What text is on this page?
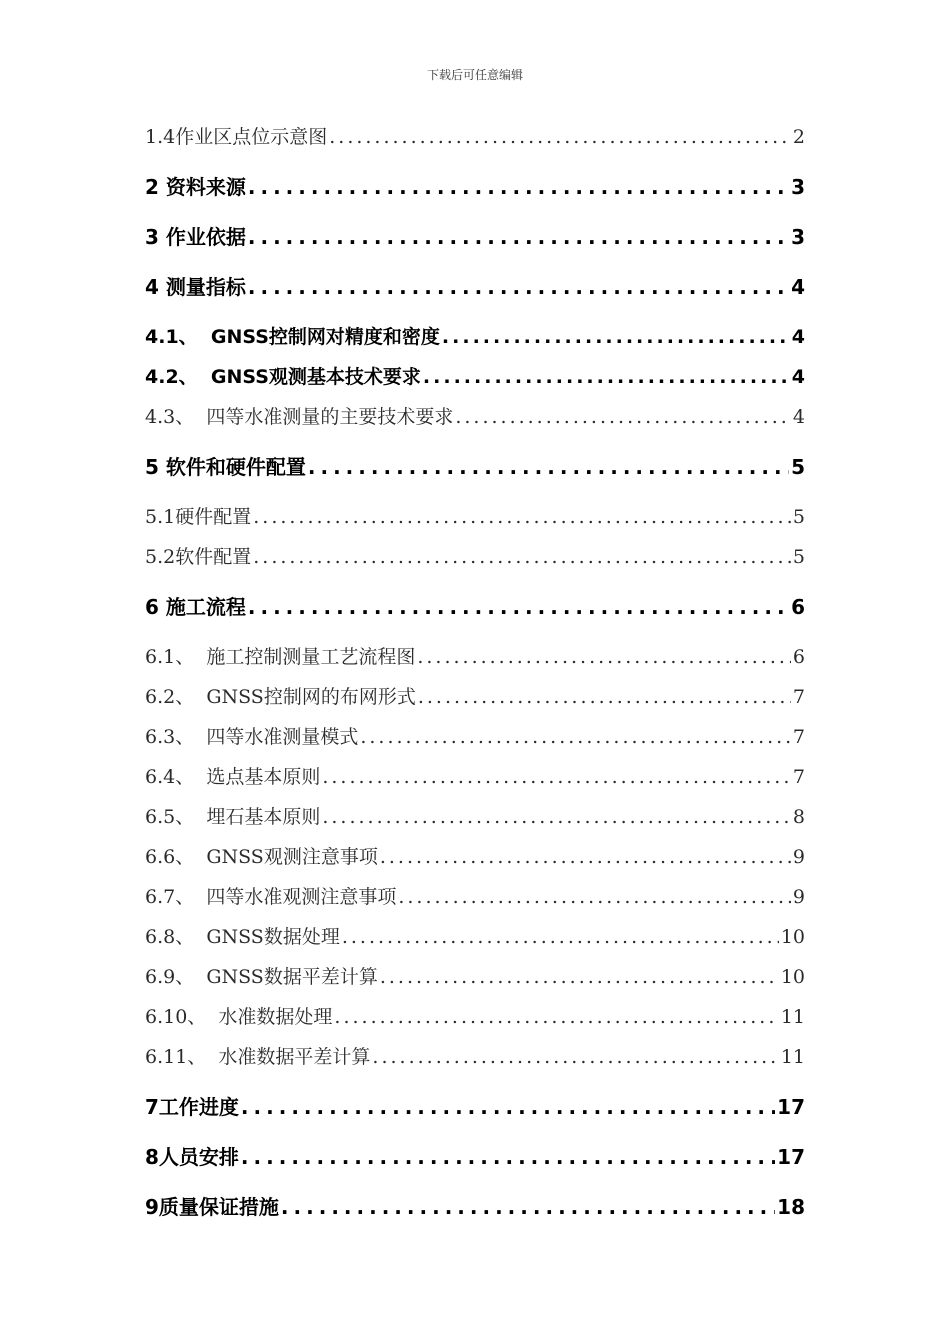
下载后可任意编辑
1.4作业区点位示意图 .....	2
2 资料来源 .....	3
3 作业依据 .....	3
4 测量指标 .....	4
4.1、 GNSS控制网对精度和密度 .....	4
4.2、 GNSS观测基本技术要求 .....	4
4.3、 四等水准测量的主要技术要求 .....	4
5 软件和硬件配置 .....	5
5.1硬件配置 .....	5
5.2软件配置 .....	5
6 施工流程 .....	6
6.1、 施工控制测量工艺流程图 .....	6
6.2、 GNSS控制网的布网形式 .....	7
6.3、 四等水准测量模式 .....	7
6.4、 选点基本原则 .....	7
6.5、 埋石基本原则 .....	8
6.6、 GNSS观测注意事项 .....	9
6.7、 四等水准观测注意事项 .....	9
6.8、 GNSS数据处理 .....	10
6.9、 GNSS数据平差计算 .....	10
6.10、 水准数据处理 .....	11
6.11、 水准数据平差计算 .....	11
7工作进度 .....	17
8人员安排 .....	17
9质量保证措施 .....	18
